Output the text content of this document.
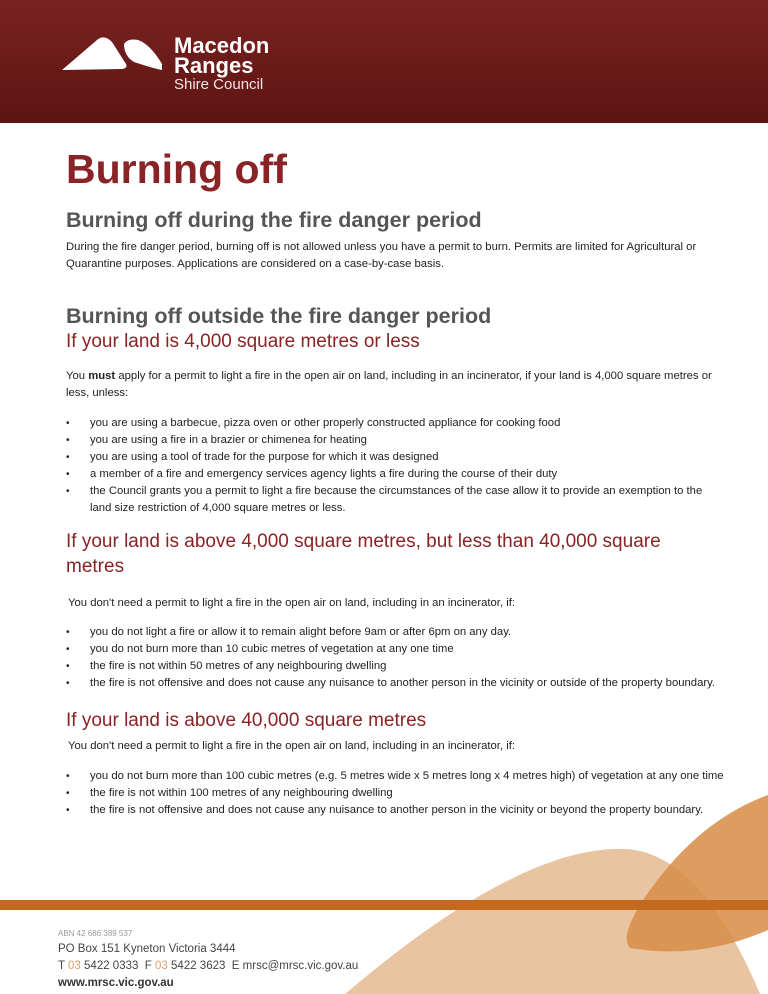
Macedon
Ranges
Shire Council
Burning off
Burning off during the fire danger period
During the fire danger period, burning off is not allowed unless you have a permit to burn. Permits are limited for Agricultural or Quarantine purposes. Applications are considered on a case-by-case basis.
Burning off outside the fire danger period
If your land is 4,000 square metres or less
You must apply for a permit to light a fire in the open air on land, including in an incinerator, if your land is 4,000 square metres or less, unless:
• you are using a barbecue, pizza oven or other properly constructed appliance for cooking food
• you are using a fire in a brazier or chimenea for heating
• you are using a tool of trade for the purpose for which it was designed
• a member of a fire and emergency services agency lights a fire during the course of their duty
• the Council grants you a permit to light a fire because the circumstances of the case allow it to provide an exemption to the land size restriction of 4,000 square metres or less.
If your land is above 4,000 square metres, but less than 40,000 square metres
You don't need a permit to light a fire in the open air on land, including in an incinerator, if:
• you do not light a fire or allow it to remain alight before 9am or after 6pm on any day.
• you do not burn more than 10 cubic metres of vegetation at any one time
• the fire is not within 50 metres of any neighbouring dwelling
• the fire is not offensive and does not cause any nuisance to another person in the vicinity or outside of the property boundary.
If your land is above 40,000 square metres
You don't need a permit to light a fire in the open air on land, including in an incinerator, if:
• you do not burn more than 100 cubic metres (e.g. 5 metres wide x 5 metres long x 4 metres high) of vegetation at any one time
• the fire is not within 100 metres of any neighbouring dwelling
• the fire is not offensive and does not cause any nuisance to another person in the vicinity or beyond the property boundary.
ABN 42 686 389 537
PO Box 151 Kyneton Victoria 3444
T 03 5422 0333 F 03 5422 3623 E mrsc@mrsc.vic.gov.au
www.mrsc.vic.gov.au
